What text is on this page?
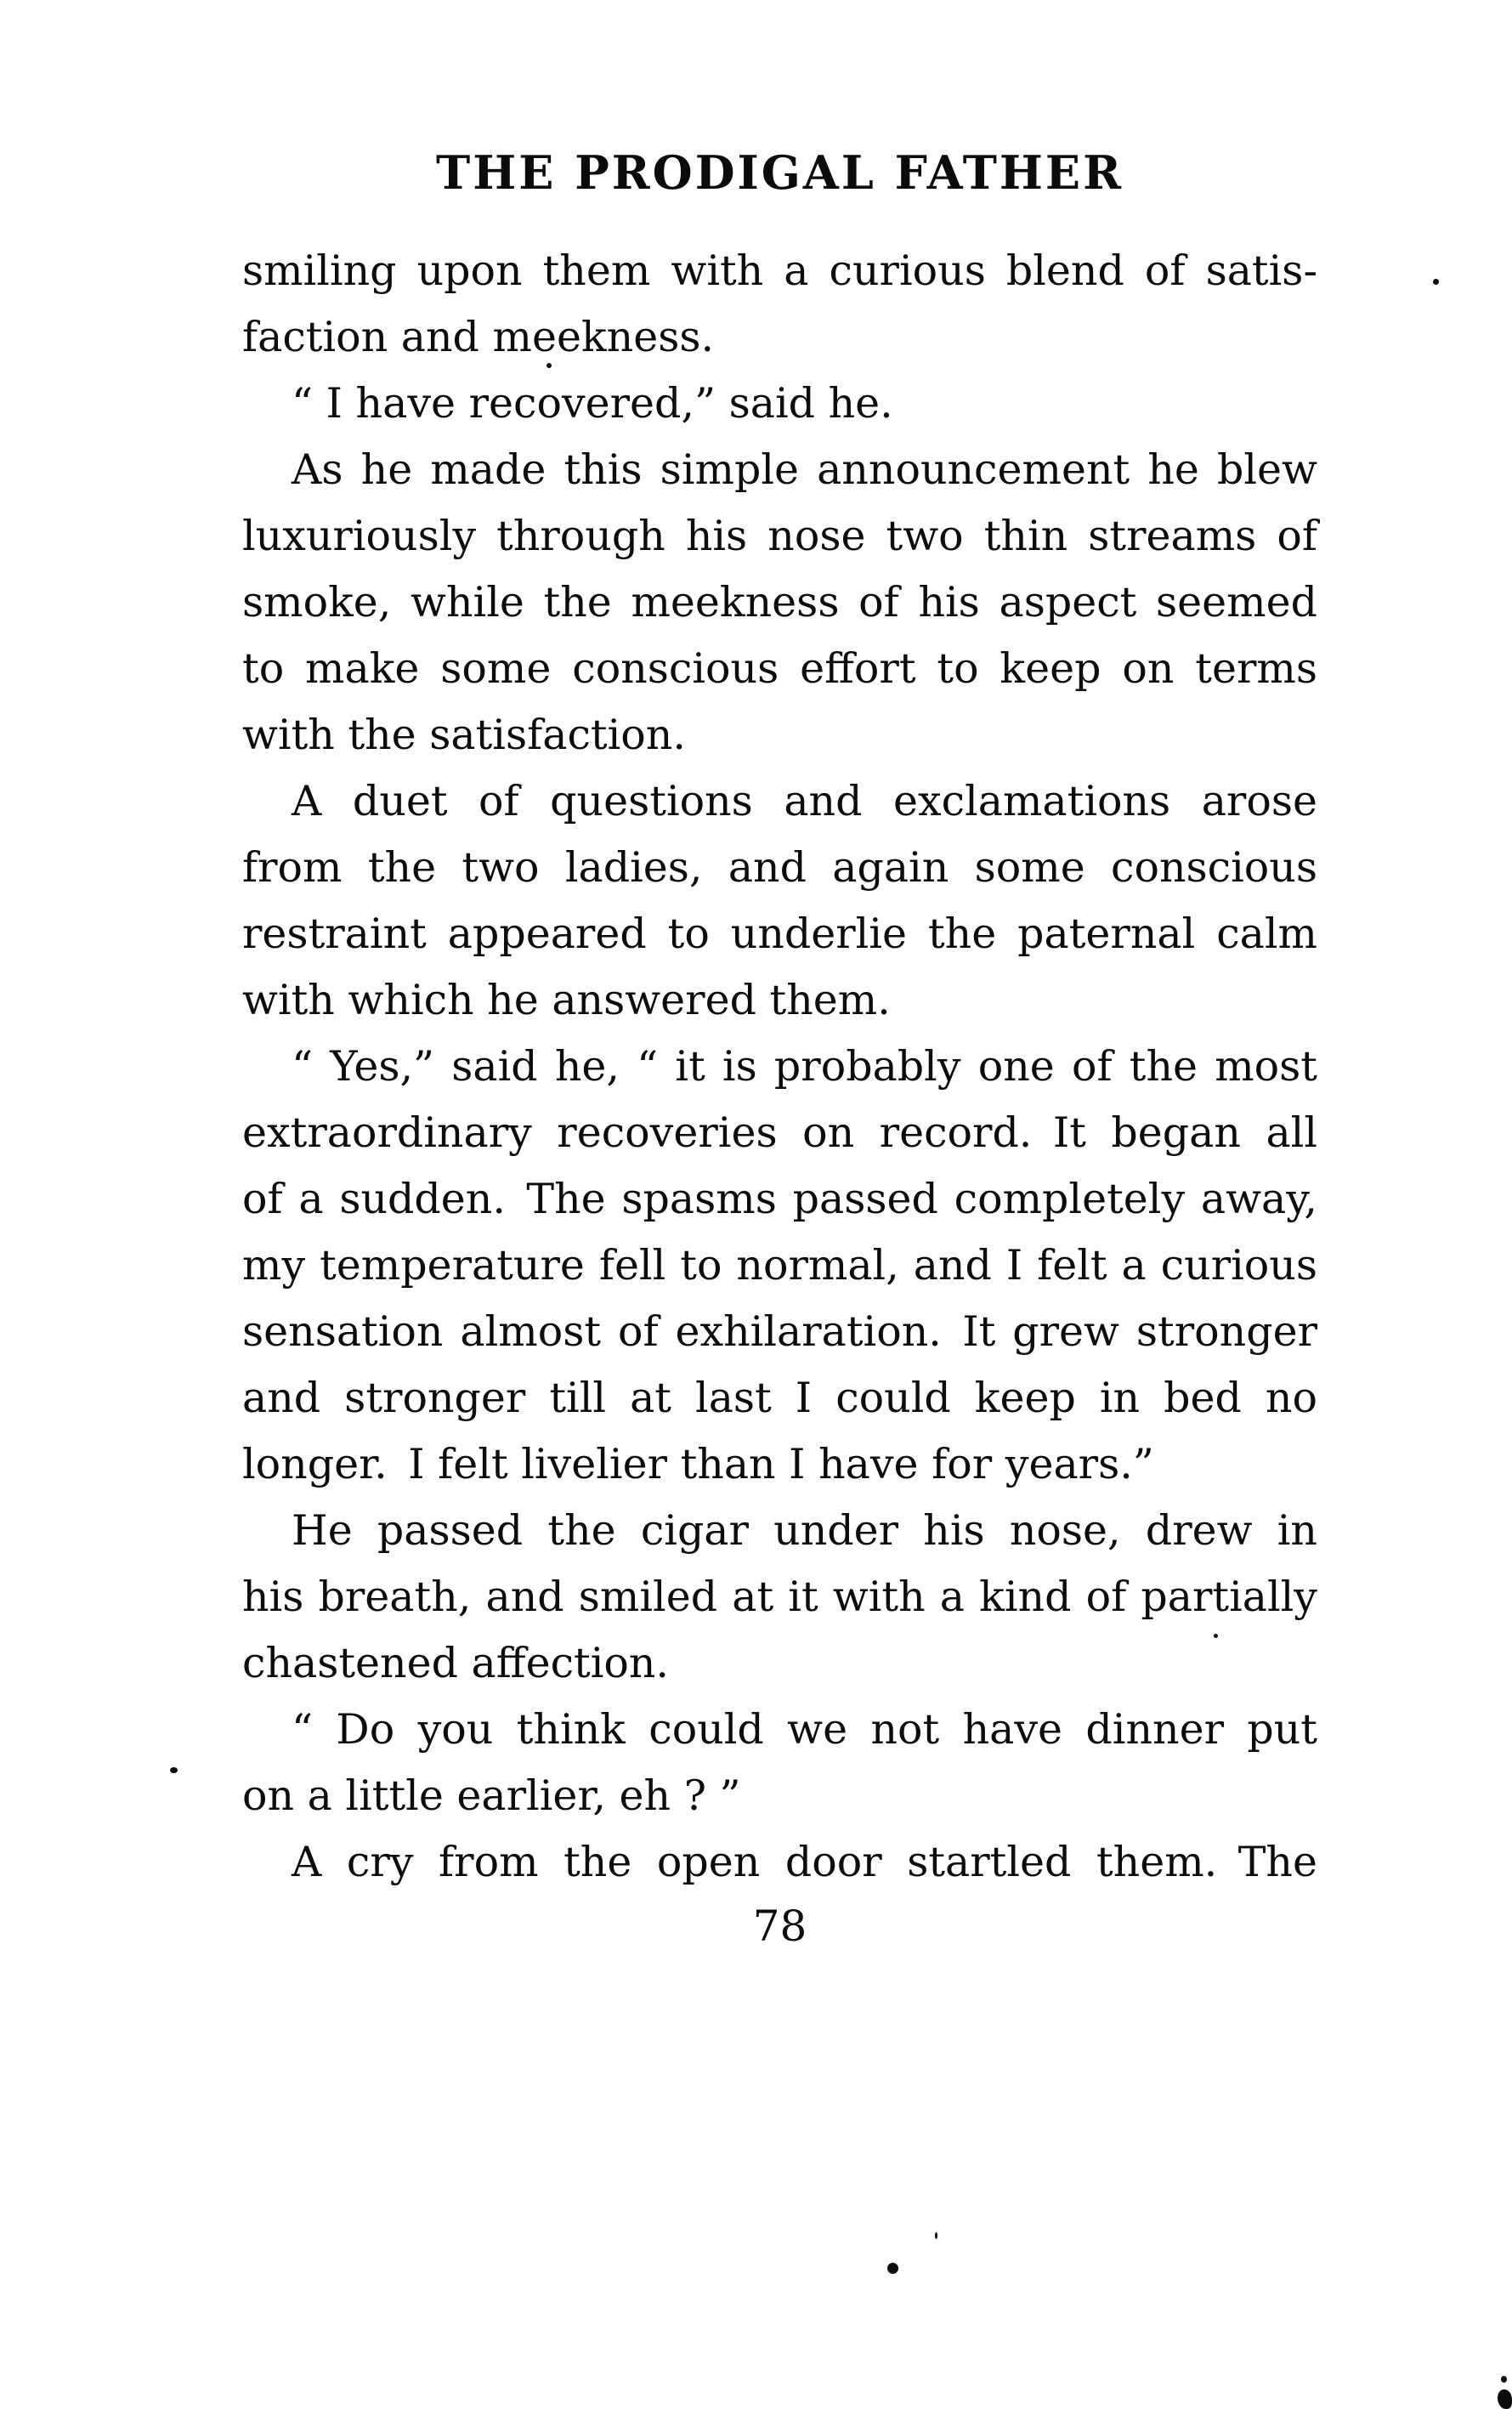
THE PRODIGAL FATHER
smiling upon them with a curious blend of satis-
faction and meekness.
“ I have recovered,” said he.
As he made this simple announcement he blew
luxuriously through his nose two thin streams of
smoke, while the meekness of his aspect seemed
to make some conscious effort to keep on terms
with the satisfaction.
A duet of questions and exclamations arose
from the two ladies, and again some conscious
restraint appeared to underlie the paternal calm
with which he answered them.
“ Yes,” said he, “ it is probably one of the most
extraordinary recoveries on record. It began all
of a sudden. The spasms passed completely away,
my temperature fell to normal, and I felt a curious
sensation almost of exhilaration. It grew stronger
and stronger till at last I could keep in bed no
longer. I felt livelier than I have for years.”
He passed the cigar under his nose, drew in
his breath, and smiled at it with a kind of partially
chastened affection.
“ Do you think could we not have dinner put
on a little earlier, eh ? ”
A cry from the open door startled them. The
78
